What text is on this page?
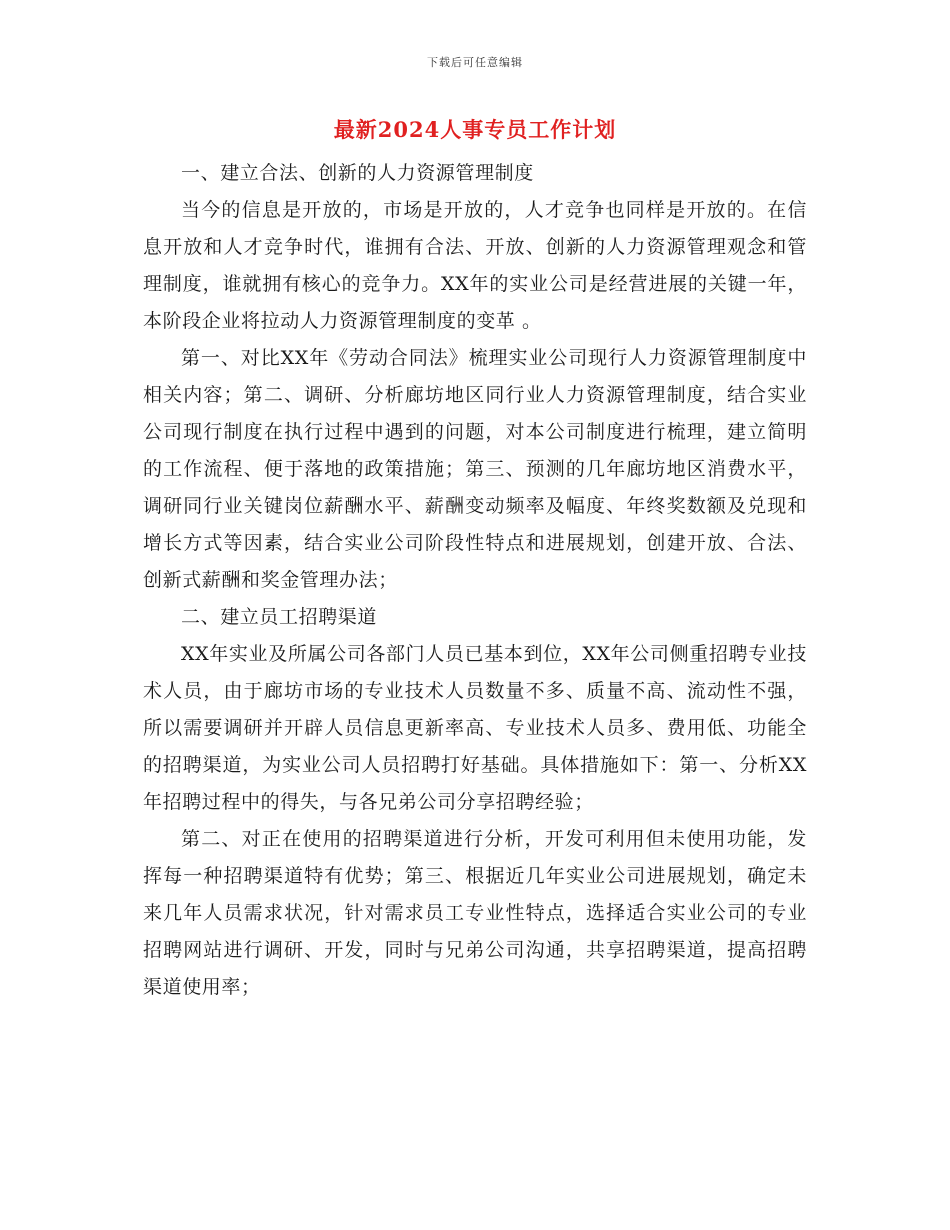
下载后可任意编辑
最新2024人事专员工作计划

一、建立合法、创新的人力资源管理制度

当今的信息是开放的，市场是开放的，人才竞争也同样是开放的。在信息开放和人才竞争时代，谁拥有合法、开放、创新的人力资源管理观念和管理制度，谁就拥有核心的竞争力。XX年的实业公司是经营进展的关键一年，本阶段企业将拉动人力资源管理制度的变革 。

第一、对比XX年《劳动合同法》梳理实业公司现行人力资源管理制度中相关内容；第二、调研、分析廊坊地区同行业人力资源管理制度，结合实业公司现行制度在执行过程中遇到的问题，对本公司制度进行梳理，建立简明的工作流程、便于落地的政策措施；第三、预测的几年廊坊地区消费水平，调研同行业关键岗位薪酬水平、薪酬变动频率及幅度、年终奖数额及兑现和增长方式等因素，结合实业公司阶段性特点和进展规划，创建开放、合法、创新式薪酬和奖金管理办法；

二、建立员工招聘渠道

XX年实业及所属公司各部门人员已基本到位，XX年公司侧重招聘专业技术人员，由于廊坊市场的专业技术人员数量不多、质量不高、流动性不强，所以需要调研并开辟人员信息更新率高、专业技术人员多、费用低、功能全的招聘渠道，为实业公司人员招聘打好基础。具体措施如下：第一、分析XX年招聘过程中的得失，与各兄弟公司分享招聘经验；

第二、对正在使用的招聘渠道进行分析，开发可利用但未使用功能，发挥每一种招聘渠道特有优势；第三、根据近几年实业公司进展规划，确定未来几年人员需求状况，针对需求员工专业性特点，选择适合实业公司的专业招聘网站进行调研、开发，同时与兄弟公司沟通，共享招聘渠道，提高招聘渠道使用率；
